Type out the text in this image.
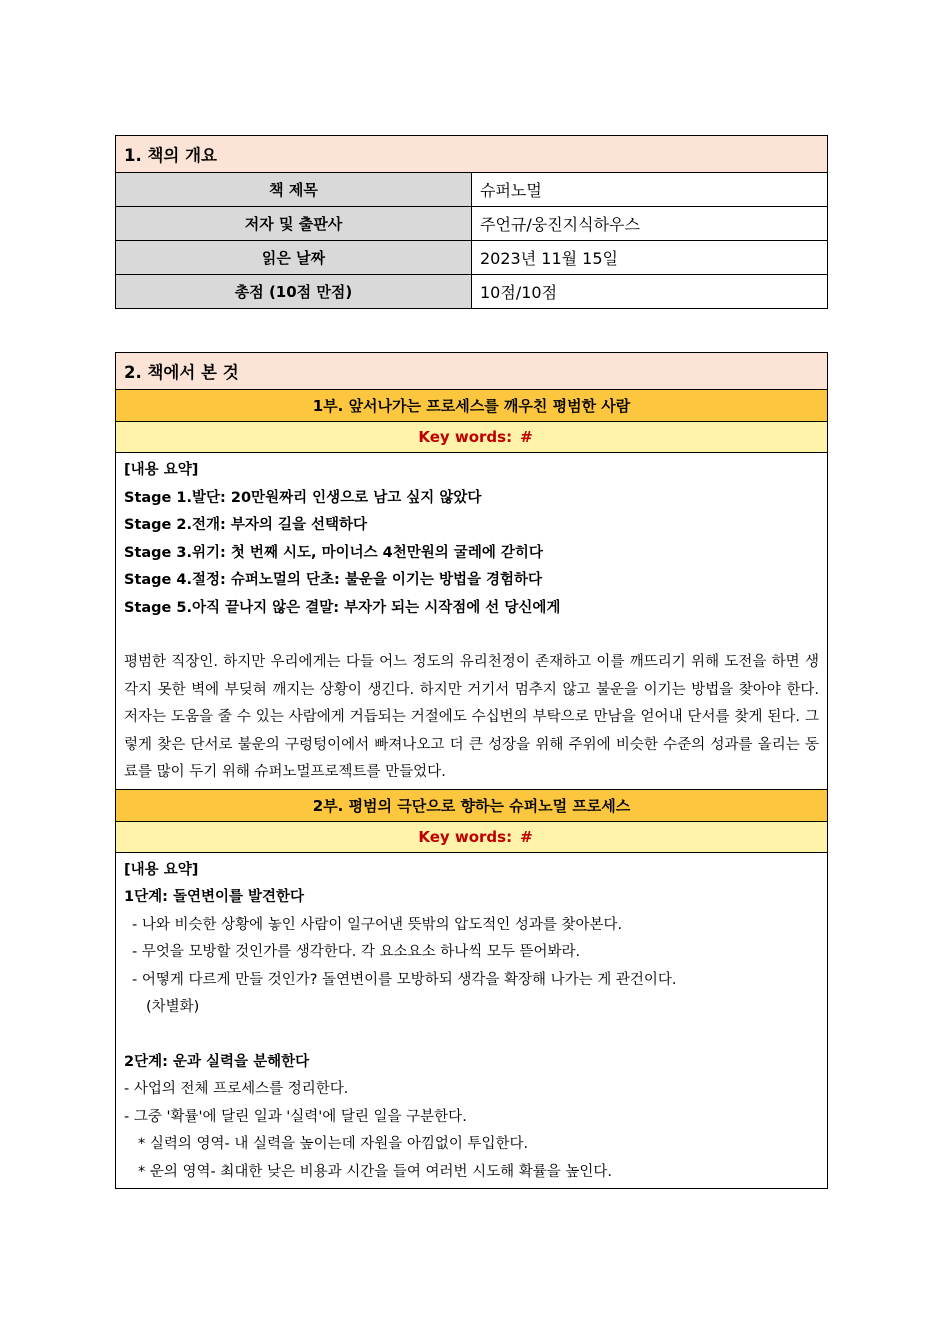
1. 책의 개요	
책 제목	슈퍼노멀
저자 및 출판사	주언규/웅진지식하우스
읽은 날짜	2023년 11월 15일
총점 (10점 만점)	10점/10점
2. 책에서 본 것
1부. 앞서나가는 프로세스를 깨우친 평범한 사람
Key words: #

[내용 요약]
Stage 1.발단: 20만원짜리 인생으로 남고 싶지 않았다
Stage 2.전개: 부자의 길을 선택하다
Stage 3.위기: 첫 번째 시도, 마이너스 4천만원의 굴레에 갇히다
Stage 4.절정: 슈퍼노멀의 단초: 불운을 이기는 방법을 경험하다
Stage 5.아직 끝나지 않은 결말: 부자가 되는 시작점에 선 당신에게

평범한 직장인. 하지만 우리에게는 다들 어느 정도의 유리천정이 존재하고 이를 깨뜨리기 위해 도전을 하면 생각지 못한 벽에 부딪혀 깨지는 상황이 생긴다. 하지만 거기서 멈추지 않고 불운을 이기는 방법을 찾아야 한다. 저자는 도움을 줄 수 있는 사람에게 거듭되는 거절에도 수십번의 부탁으로 만남을 얻어내 단서를 찾게 된다. 그렇게 찾은 단서로 불운의 구렁텅이에서 빠져나오고 더 큰 성장을 위해 주위에 비슷한 수준의 성과를 올리는 동료를 많이 두기 위해 슈퍼노멀프로젝트를 만들었다.

2부. 평범의 극단으로 향하는 슈퍼노멀 프로세스
Key words: #

[내용 요약]
1단계: 돌연변이를 발견한다
- 나와 비슷한 상황에 놓인 사람이 일구어낸 뜻밖의 압도적인 성과를 찾아본다.
- 무엇을 모방할 것인가를 생각한다. 각 요소요소 하나씩 모두 뜯어봐라.
- 어떻게 다르게 만들 것인가? 돌연변이를 모방하되 생각을 확장해 나가는 게 관건이다.
(차별화)
2단계: 운과 실력을 분해한다
- 사업의 전체 프로세스를 정리한다.
- 그중 '확률'에 달린 일과 '실력'에 달린 일을 구분한다.
* 실력의 영역- 내 실력을 높이는데 자원을 아낌없이 투입한다.
* 운의 영역- 최대한 낮은 비용과 시간을 들여 여러번 시도해 확률을 높인다.
